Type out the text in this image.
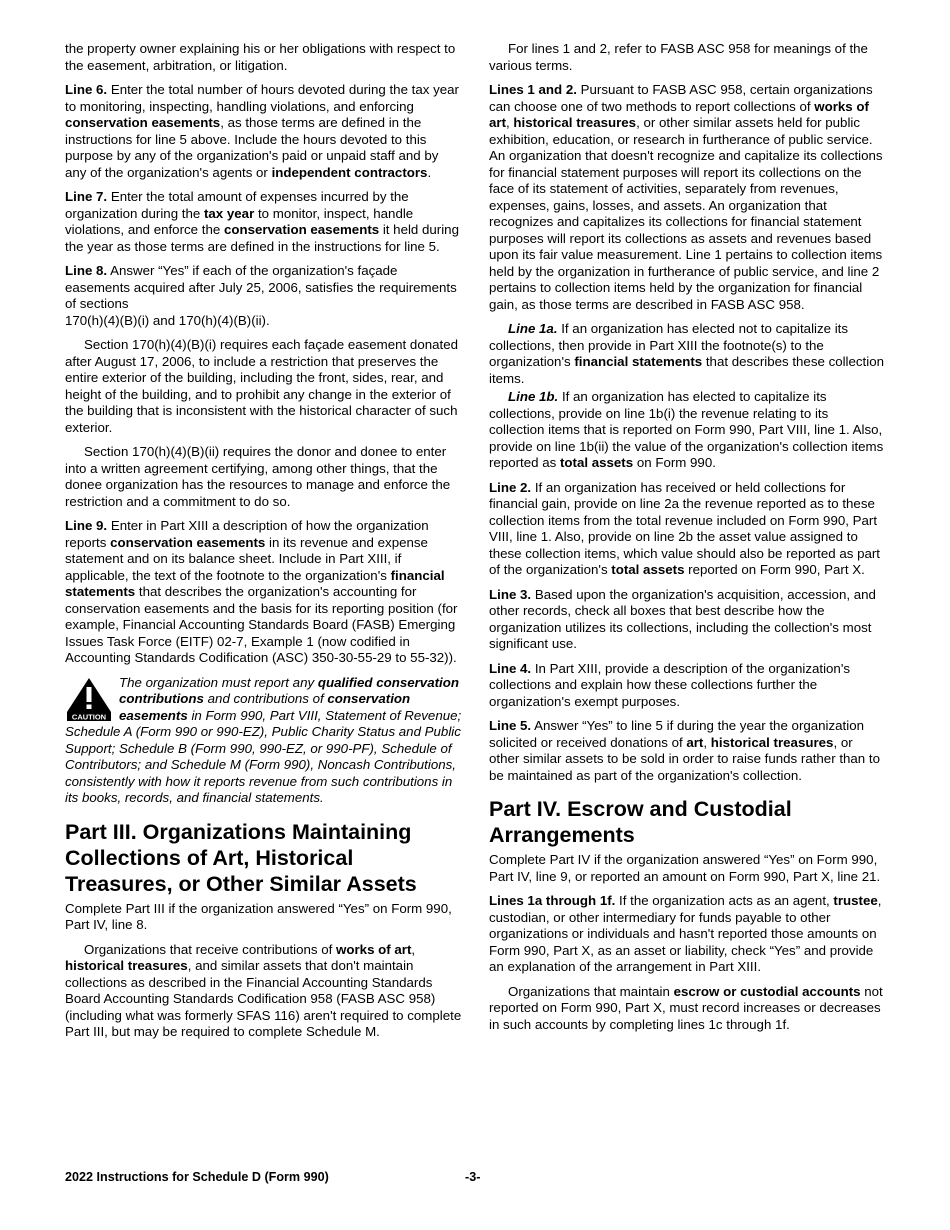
the property owner explaining his or her obligations with respect to the easement, arbitration, or litigation.

Line 6. Enter the total number of hours devoted during the tax year to monitoring, inspecting, handling violations, and enforcing conservation easements, as those terms are defined in the instructions for line 5 above. Include the hours devoted to this purpose by any of the organization's paid or unpaid staff and by any of the organization's agents or independent contractors.

Line 7. Enter the total amount of expenses incurred by the organization during the tax year to monitor, inspect, handle violations, and enforce the conservation easements it held during the year as those terms are defined in the instructions for line 5.

Line 8. Answer “Yes” if each of the organization's façade easements acquired after July 25, 2006, satisfies the requirements of sections
170(h)(4)(B)(i) and 170(h)(4)(B)(ii).

Section 170(h)(4)(B)(i) requires each façade easement donated after August 17, 2006, to include a restriction that preserves the entire exterior of the building, including the front, sides, rear, and height of the building, and to prohibit any change in the exterior of the building that is inconsistent with the historical character of such exterior.

Section 170(h)(4)(B)(ii) requires the donor and donee to enter into a written agreement certifying, among other things, that the donee organization has the resources to manage and enforce the restriction and a commitment to do so.

Line 9. Enter in Part XIII a description of how the organization reports conservation easements in its revenue and expense statement and on its balance sheet. Include in Part XIII, if applicable, the text of the footnote to the organization's financial statements that describes the organization's accounting for conservation easements and the basis for its reporting position (for example, Financial Accounting Standards Board (FASB) Emerging Issues Task Force (EITF) 02-7, Example 1 (now codified in Accounting Standards Codification (ASC) 350-30-55-29 to 55-32)).

CAUTION
The organization must report any qualified conservation contributions and contributions of conservation easements in Form 990, Part VIII, Statement of Revenue; Schedule A (Form 990 or 990-EZ), Public Charity Status and Public Support; Schedule B (Form 990, 990-EZ, or 990-PF), Schedule of Contributors; and Schedule M (Form 990), Noncash Contributions, consistently with how it reports revenue from such contributions in its books, records, and financial statements.
Part III. Organizations Maintaining Collections of Art, Historical Treasures, or Other Similar Assets

Complete Part III if the organization answered “Yes” on Form 990, Part IV, line 8.

Organizations that receive contributions of works of art, historical treasures, and similar assets that don't maintain collections as described in the Financial Accounting Standards Board Accounting Standards Codification 958 (FASB ASC 958) (including what was formerly SFAS 116) aren't required to complete Part III, but may be required to complete Schedule M.

For lines 1 and 2, refer to FASB ASC 958 for meanings of the various terms.

Lines 1 and 2. Pursuant to FASB ASC 958, certain organizations can choose one of two methods to report collections of works of art, historical treasures, or other similar assets held for public exhibition, education, or research in furtherance of public service. An organization that doesn't recognize and capitalize its collections for financial statement purposes will report its collections on the face of its statement of activities, separately from revenues, expenses, gains, losses, and assets. An organization that recognizes and capitalizes its collections for financial statement purposes will report its collections as assets and revenues based upon its fair value measurement. Line 1 pertains to collection items held by the organization in furtherance of public service, and line 2 pertains to collection items held by the organization for financial gain, as those terms are described in FASB ASC 958.

Line 1a. If an organization has elected not to capitalize its collections, then provide in Part XIII the footnote(s) to the organization's financial statements that describes these collection items.

Line 1b. If an organization has elected to capitalize its collections, provide on line 1b(i) the revenue relating to its collection items that is reported on Form 990, Part VIII, line 1. Also, provide on line 1b(ii) the value of the organization's collection items reported as total assets on Form 990.

Line 2. If an organization has received or held collections for financial gain, provide on line 2a the revenue reported as to these collection items from the total revenue included on Form 990, Part VIII, line 1. Also, provide on line 2b the asset value assigned to these collection items, which value should also be reported as part of the organization's total assets reported on Form 990, Part X.

Line 3. Based upon the organization's acquisition, accession, and other records, check all boxes that best describe how the organization utilizes its collections, including the collection's most significant use.

Line 4. In Part XIII, provide a description of the organization's collections and explain how these collections further the organization's exempt purposes.

Line 5. Answer “Yes” to line 5 if during the year the organization solicited or received donations of art, historical treasures, or other similar assets to be sold in order to raise funds rather than to be maintained as part of the organization's collection.

Part IV. Escrow and Custodial Arrangements

Complete Part IV if the organization answered “Yes” on Form 990, Part IV, line 9, or reported an amount on Form 990, Part X, line 21.

Lines 1a through 1f. If the organization acts as an agent, trustee, custodian, or other intermediary for funds payable to other organizations or individuals and hasn't reported those amounts on Form 990, Part X, as an asset or liability, check “Yes” and provide an explanation of the arrangement in Part XIII.

Organizations that maintain escrow or custodial accounts not reported on Form 990, Part X, must record increases or decreases in such accounts by completing lines 1c through 1f.

2022 Instructions for Schedule D (Form 990)	-3-
